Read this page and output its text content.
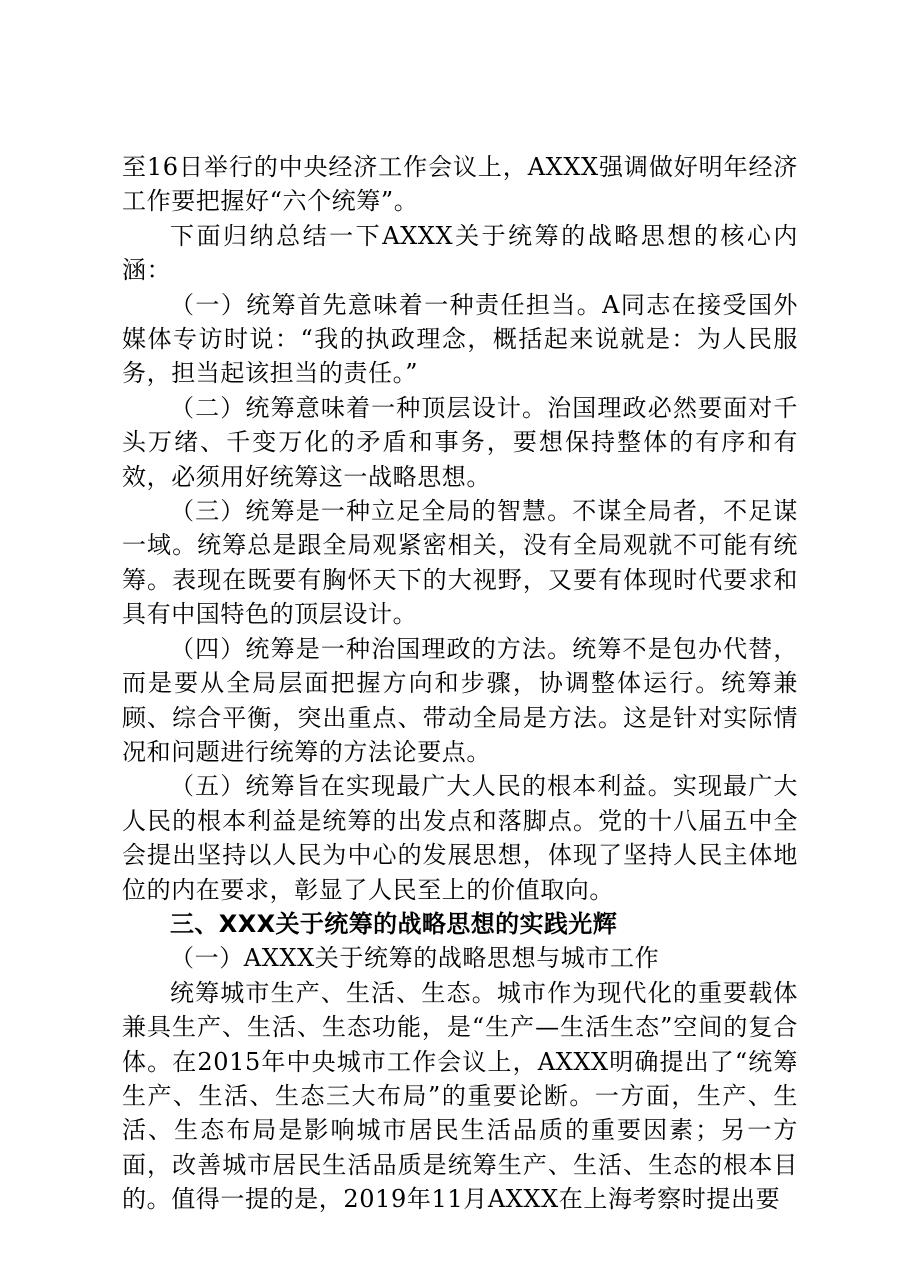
至16日举行的中央经济工作会议上，AXXX强调做好明年经济工作要把握好“六个统筹”。

下面归纳总结一下AXXX关于统筹的战略思想的核心内涵：

（一）统筹首先意味着一种责任担当。A同志在接受国外媒体专访时说：“我的执政理念，概括起来说就是：为人民服务，担当起该担当的责任。”

（二）统筹意味着一种顶层设计。治国理政必然要面对千头万绪、千变万化的矛盾和事务，要想保持整体的有序和有效，必须用好统筹这一战略思想。

（三）统筹是一种立足全局的智慧。不谋全局者，不足谋一域。统筹总是跟全局观紧密相关，没有全局观就不可能有统筹。表现在既要有胸怀天下的大视野，又要有体现时代要求和具有中国特色的顶层设计。

（四）统筹是一种治国理政的方法。统筹不是包办代替，而是要从全局层面把握方向和步骤，协调整体运行。统筹兼顾、综合平衡，突出重点、带动全局是方法。这是针对实际情况和问题进行统筹的方法论要点。

（五）统筹旨在实现最广大人民的根本利益。实现最广大人民的根本利益是统筹的出发点和落脚点。党的十八届五中全会提出坚持以人民为中心的发展思想，体现了坚持人民主体地位的内在要求，彰显了人民至上的价值取向。

三、XXX关于统筹的战略思想的实践光辉

（一）AXXX关于统筹的战略思想与城市工作

统筹城市生产、生活、生态。城市作为现代化的重要载体兼具生产、生活、生态功能，是“生产—生活生态”空间的复合体。在2015年中央城市工作会议上，AXXX明确提出了“统筹生产、生活、生态三大布局”的重要论断。一方面，生产、生活、生态布局是影响城市居民生活品质的重要因素；另一方面，改善城市居民生活品质是统筹生产、生活、生态的根本目的。值得一提的是，2019年11月AXXX在上海考察时提出要
